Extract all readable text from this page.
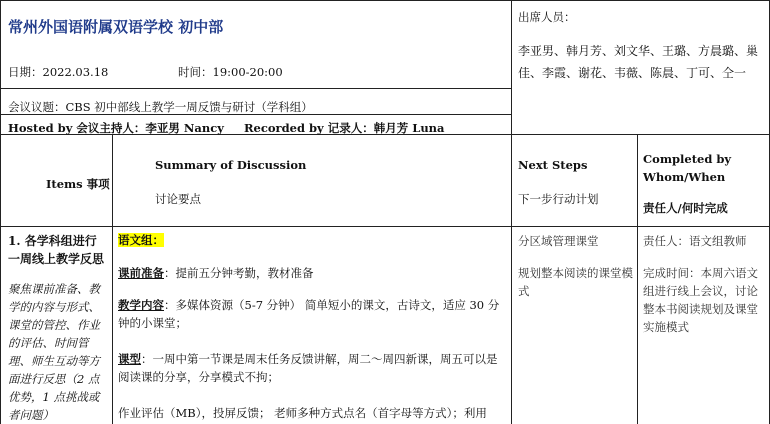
常州外国语附属双语学校 初中部
日期：2022.03.18	时间：19:00-20:00
会议议题：CBS 初中部线上教学一周反馈与研讨（学科组）
Hosted by 会议主持人：李亚男 Nancy Recorded by 记录人：韩月芳 Luna
出席人员：
李亚男、韩月芳、刘文华、王璐、方晨璐、巢佳、李霞、谢花、韦薇、陈晨、丁可、仝一
Items 事项
Summary of Discussion
讨论要点
Next Steps
下一步行动计划
Completed by Whom/When
责任人/何时完成
1. 各学科组进行一周线上教学反思
聚焦课前准备、教学的内容与形式、课堂的管控、作业的评估、时间管理、师生互动等方面进行反思（2 点优势，1 点挑战或者问题）
语文组：
课前准备：提前五分钟考勤，教材准备
教学内容：多媒体资源（5-7 分钟） 简单短小的课文，古诗文，适应 30 分钟的小课堂；
课型：一周中第一节课是周末任务反馈讲解，周二～周四新课，周五可以是阅读课的分享，分享模式不拘；
作业评估（MB），投屏反馈； 老师多种方式点名（首字母等方式）；利用
分区域管理课堂
规划整本阅读的课堂模式
责任人：语文组教师
完成时间：本周六语文组进行线上会议，讨论整本书阅读规划及课堂实施模式
